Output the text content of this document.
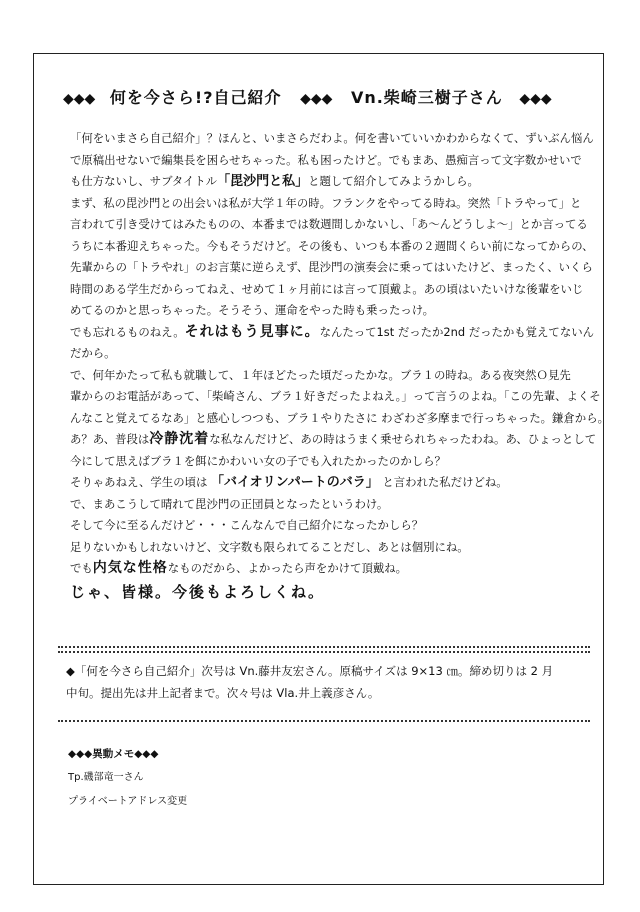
◆◆◆ 何を今さら!?自己紹介 ◆◆◆ Vn.柴崎三樹子さん ◆◆◆

「何をいまさら自己紹介」？ほんと、いまさらだわよ。何を書いていいかわからなくて、ずいぶん悩ん

で原稿出せないで編集長を困らせちゃった。私も困ったけど。でもまあ、愚痴言って文字数かせいで

も仕方ないし、サブタイトル「毘沙門と私」と題して紹介してみようかしら。

まず、私の毘沙門との出会いは私が大学１年の時。フランクをやってる時ね。突然「トラやって」と

言われて引き受けてはみたものの、本番までは数週間しかないし、「あ～んどうしよ～」とか言ってる

うちに本番迎えちゃった。今もそうだけど。その後も、いつも本番の２週間くらい前になってからの、

先輩からの「トラやれ」のお言葉に逆らえず、毘沙門の演奏会に乗ってはいたけど、まったく、いくら

時間のある学生だからってねえ、せめて１ヶ月前には言って頂戴よ。あの頃はいたいけな後輩をいじ

めてるのかと思っちゃった。そうそう、運命をやった時も乗ったっけ。

でも忘れるものねえ。それはもう見事に。なんたって1st だったか2nd だったかも覚えてないん

だから。

で、何年かたって私も就職して、１年ほどたった頃だったかな。ブラ１の時ね。ある夜突然Ｏ見先

輩からのお電話があって、「柴崎さん、ブラ１好きだったよねえ。」って言うのよね。「この先輩、よくそ

んなこと覚えてるなあ」と感心しつつも、ブラ１やりたさに わざわざ多摩まで行っちゃった。鎌倉から。

あ？あ、普段は冷静沈着な私なんだけど、あの時はうまく乗せられちゃったわね。あ、ひょっとして

今にして思えばブラ１を餌にかわいい女の子でも入れたかったのかしら？

そりゃあねえ、学生の頃は 「バイオリンパートのバラ」 と言われた私だけどね。

で、まあこうして晴れて毘沙門の正団員となったというわけ。

そして今に至るんだけど・・・こんなんで自己紹介になったかしら？

足りないかもしれないけど、文字数も限られてることだし、あとは個別にね。

でも内気な性格なものだから、よかったら声をかけて頂戴ね。

じゃ、皆様。今後もよろしくね。

◆「何を今さら自己紹介」次号は Vn.藤井友宏さん。原稿サイズは 9×13 ㎝。締め切りは 2 月

中旬。提出先は井上記者まで。次々号は Vla.井上義彦さん。

◆◆◆異動メモ◆◆◆

Tp.磯部竜一さん

プライベートアドレス変更
